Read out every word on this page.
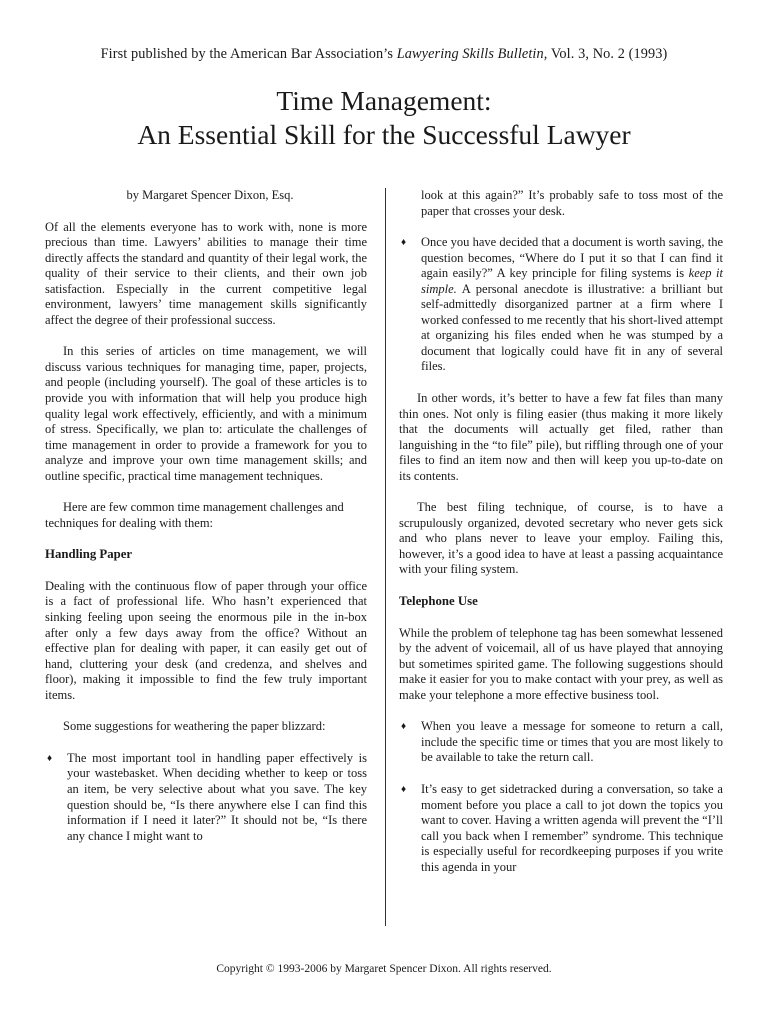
First published by the American Bar Association’s Lawyering Skills Bulletin, Vol. 3, No. 2 (1993)
Time Management:
An Essential Skill for the Successful Lawyer
by Margaret Spencer Dixon, Esq.

Of all the elements everyone has to work with, none is more precious than time. Lawyers’ abilities to manage their time directly affects the standard and quantity of their legal work, the quality of their service to their clients, and their own job satisfaction. Especially in the current competitive legal environment, lawyers’ time management skills significantly affect the degree of their professional success.

In this series of articles on time management, we will discuss various techniques for managing time, paper, projects, and people (including yourself). The goal of these articles is to provide you with information that will help you produce high quality legal work effectively, efficiently, and with a minimum of stress. Specifically, we plan to: articulate the challenges of time management in order to provide a framework for you to analyze and improve your own time management skills; and outline specific, practical time management techniques.

Here are few common time management challenges and techniques for dealing with them:

Handling Paper

Dealing with the continuous flow of paper through your office is a fact of professional life. Who hasn’t experienced that sinking feeling upon seeing the enormous pile in the in-box after only a few days away from the office? Without an effective plan for dealing with paper, it can easily get out of hand, cluttering your desk (and credenza, and shelves and floor), making it impossible to find the few truly important items.

Some suggestions for weathering the paper blizzard:

♦ The most important tool in handling paper effectively is your wastebasket. When deciding whether to keep or toss an item, be very selective about what you save. The key question should be, “Is there anywhere else I can find this information if I need it later?” It should not be, “Is there any chance I might want to

look at this again?” It’s probably safe to toss most of the paper that crosses your desk.

♦ Once you have decided that a document is worth saving, the question becomes, “Where do I put it so that I can find it again easily?” A key principle for filing systems is keep it simple. A personal anecdote is illustrative: a brilliant but self-admittedly disorganized partner at a firm where I worked confessed to me recently that his short-lived attempt at organizing his files ended when he was stumped by a document that logically could have fit in any of several files.

In other words, it’s better to have a few fat files than many thin ones. Not only is filing easier (thus making it more likely that the documents will actually get filed, rather than languishing in the “to file” pile), but riffling through one of your files to find an item now and then will keep you up-to-date on its contents.

The best filing technique, of course, is to have a scrupulously organized, devoted secretary who never gets sick and who plans never to leave your employ. Failing this, however, it’s a good idea to have at least a passing acquaintance with your filing system.

Telephone Use

While the problem of telephone tag has been somewhat lessened by the advent of voicemail, all of us have played that annoying but sometimes spirited game. The following suggestions should make it easier for you to make contact with your prey, as well as make your telephone a more effective business tool.

♦ When you leave a message for someone to return a call, include the specific time or times that you are most likely to be available to take the return call.
♦ It’s easy to get sidetracked during a conversation, so take a moment before you place a call to jot down the topics you want to cover. Having a written agenda will prevent the “I’ll call you back when I remember” syndrome. This technique is especially useful for recordkeeping purposes if you write this agenda in your
Copyright © 1993-2006 by Margaret Spencer Dixon. All rights reserved.
